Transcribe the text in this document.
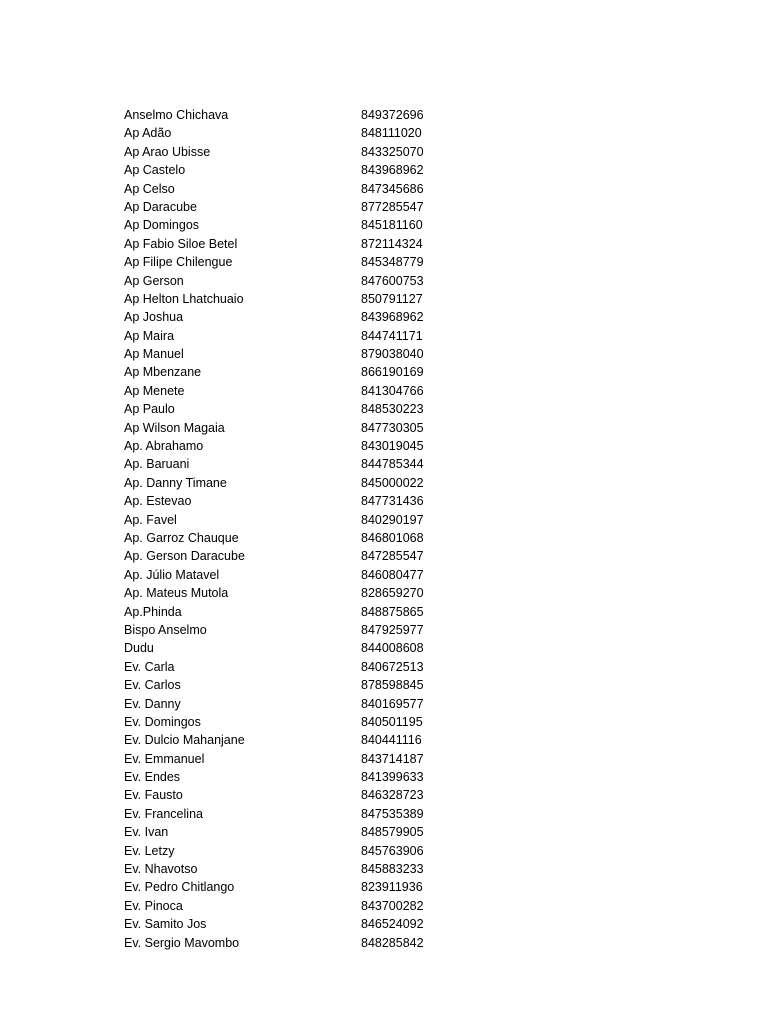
Anselmo Chichava	849372696
Ap Adão	848111020
Ap Arao Ubisse	843325070
Ap Castelo	843968962
Ap Celso	847345686
Ap Daracube	877285547
Ap Domingos	845181160
Ap Fabio Siloe Betel	872114324
Ap Filipe Chilengue	845348779
Ap Gerson	847600753
Ap Helton Lhatchuaio	850791127
Ap Joshua	843968962
Ap Maira	844741171
Ap Manuel	879038040
Ap Mbenzane	866190169
Ap Menete	841304766
Ap Paulo	848530223
Ap Wilson Magaia	847730305
Ap. Abrahamo	843019045
Ap. Baruani	844785344
Ap. Danny Timane	845000022
Ap. Estevao	847731436
Ap. Favel	840290197
Ap. Garroz Chauque	846801068
Ap. Gerson Daracube	847285547
Ap. Júlio Matavel	846080477
Ap. Mateus Mutola	828659270
Ap.Phinda	848875865
Bispo Anselmo	847925977
Dudu	844008608
Ev. Carla	840672513
Ev. Carlos	878598845
Ev. Danny	840169577
Ev. Domingos	840501195
Ev. Dulcio Mahanjane	840441116
Ev. Emmanuel	843714187
Ev. Endes	841399633
Ev. Fausto	846328723
Ev. Francelina	847535389
Ev. Ivan	848579905
Ev. Letzy	845763906
Ev. Nhavotso	845883233
Ev. Pedro Chitlango	823911936
Ev. Pinoca	843700282
Ev. Samito Jos	846524092
Ev. Sergio Mavombo	848285842
